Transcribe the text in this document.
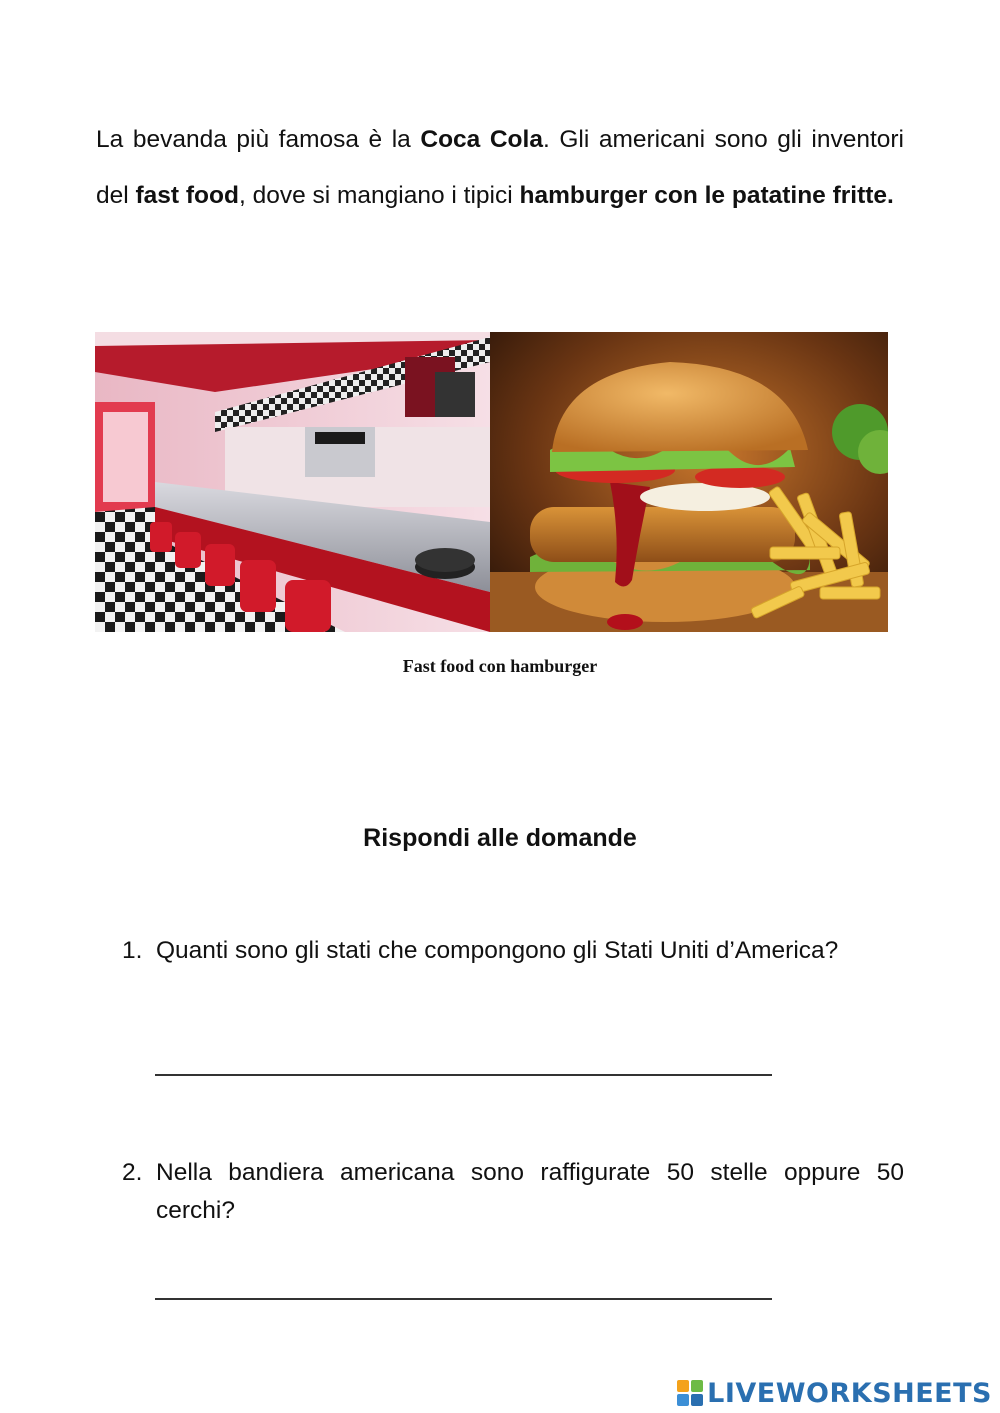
La bevanda più famosa è la Coca Cola. Gli americani sono gli inventori del fast food, dove si mangiano i tipici hamburger con le patatine fritte.
Fast food con hamburger
Rispondi alle domande
1. Quanti sono gli stati che compongono gli Stati Uniti d’America?
2. Nella bandiera americana sono raffigurate 50 stelle oppure 50 cerchi?
LIVEWORKSHEETS
